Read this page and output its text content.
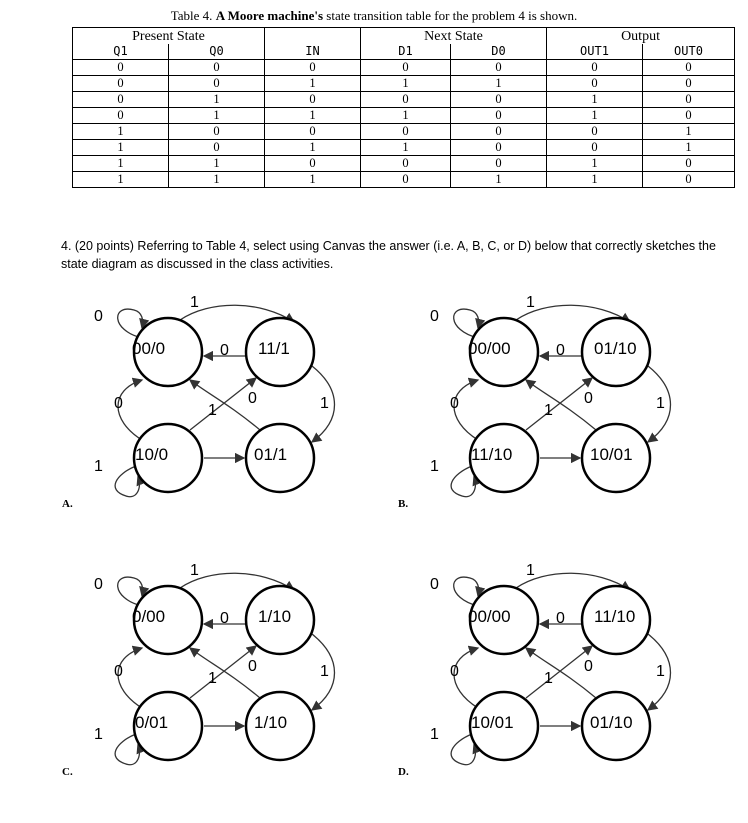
Table 4. A Moore machine's state transition table for the problem 4 is shown.
Present State			Next State		Output	
Q1	Q0	IN	D1	D0	OUT1	OUT0
0	0	0	0	0	0	0
0	0	1	1	1	0	0
0	1	0	0	0	1	0
0	1	1	1	0	1	0
1	0	0	0	0	0	1
1	0	1	1	0	0	1
1	1	0	0	0	1	0
1	1	1	0	1	1	0
4. (20 points) Referring to Table 4, select using Canvas the answer (i.e. A, B, C, or D) below that correctly sketches the state diagram as discussed in the class activities.
00/0	11/1
10/0	01/1
0
1
0
0	1
0	1
1
00/00	01/10
11/10	10/01
0
1
0
0	1
0	1
1
0/00	1/10
0/01	1/10
0
1
0
0	1
0	1
1
00/00	11/10
10/01	01/10
0
1
0
0	1
0	1
1
A.	B.
C.	D.
